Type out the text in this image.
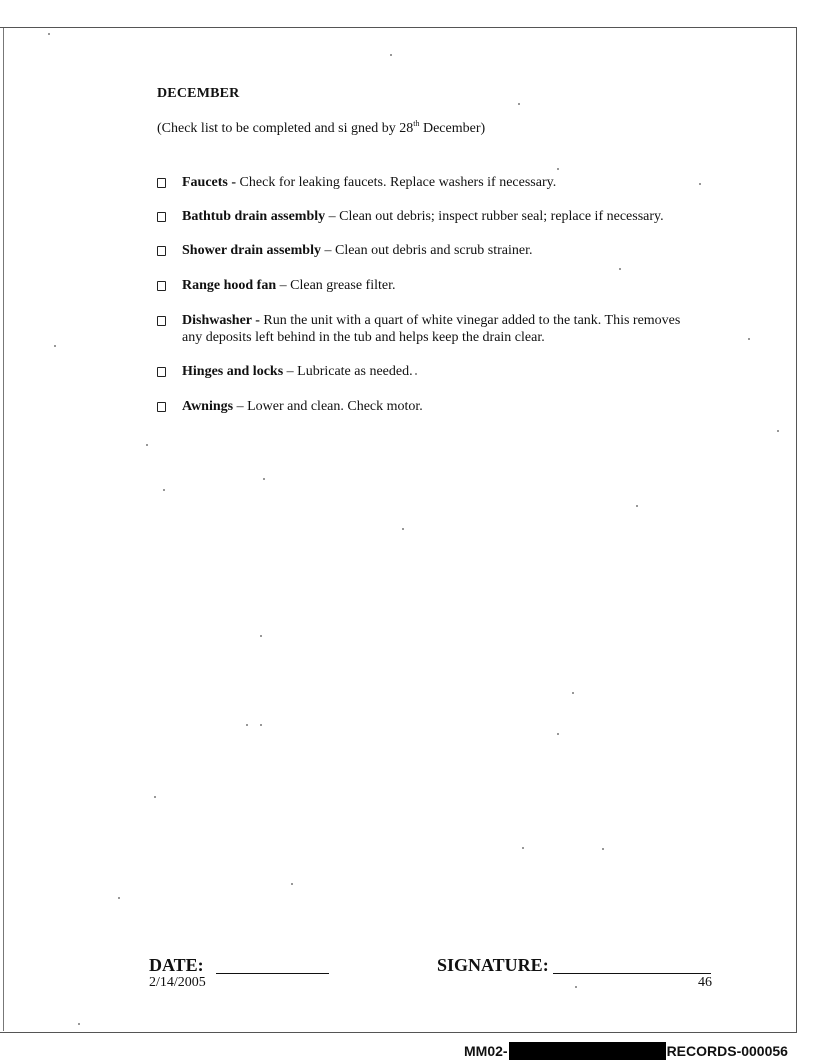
DECEMBER
(Check list to be completed and si gned by 28th December)
Faucets - Check for leaking faucets. Replace washers if necessary.
Bathtub drain assembly – Clean out debris; inspect rubber seal; replace if necessary.
Shower drain assembly – Clean out debris and scrub strainer.
Range hood fan – Clean grease filter.
Dishwasher - Run the unit with a quart of white vinegar added to the tank. This removes any deposits left behind in the tub and helps keep the drain clear.
Hinges and locks – Lubricate as needed.
Awnings – Lower and clean. Check motor.
DATE:	SIGNATURE:
2/14/2005	46
MM02-	RECORDS-000056
